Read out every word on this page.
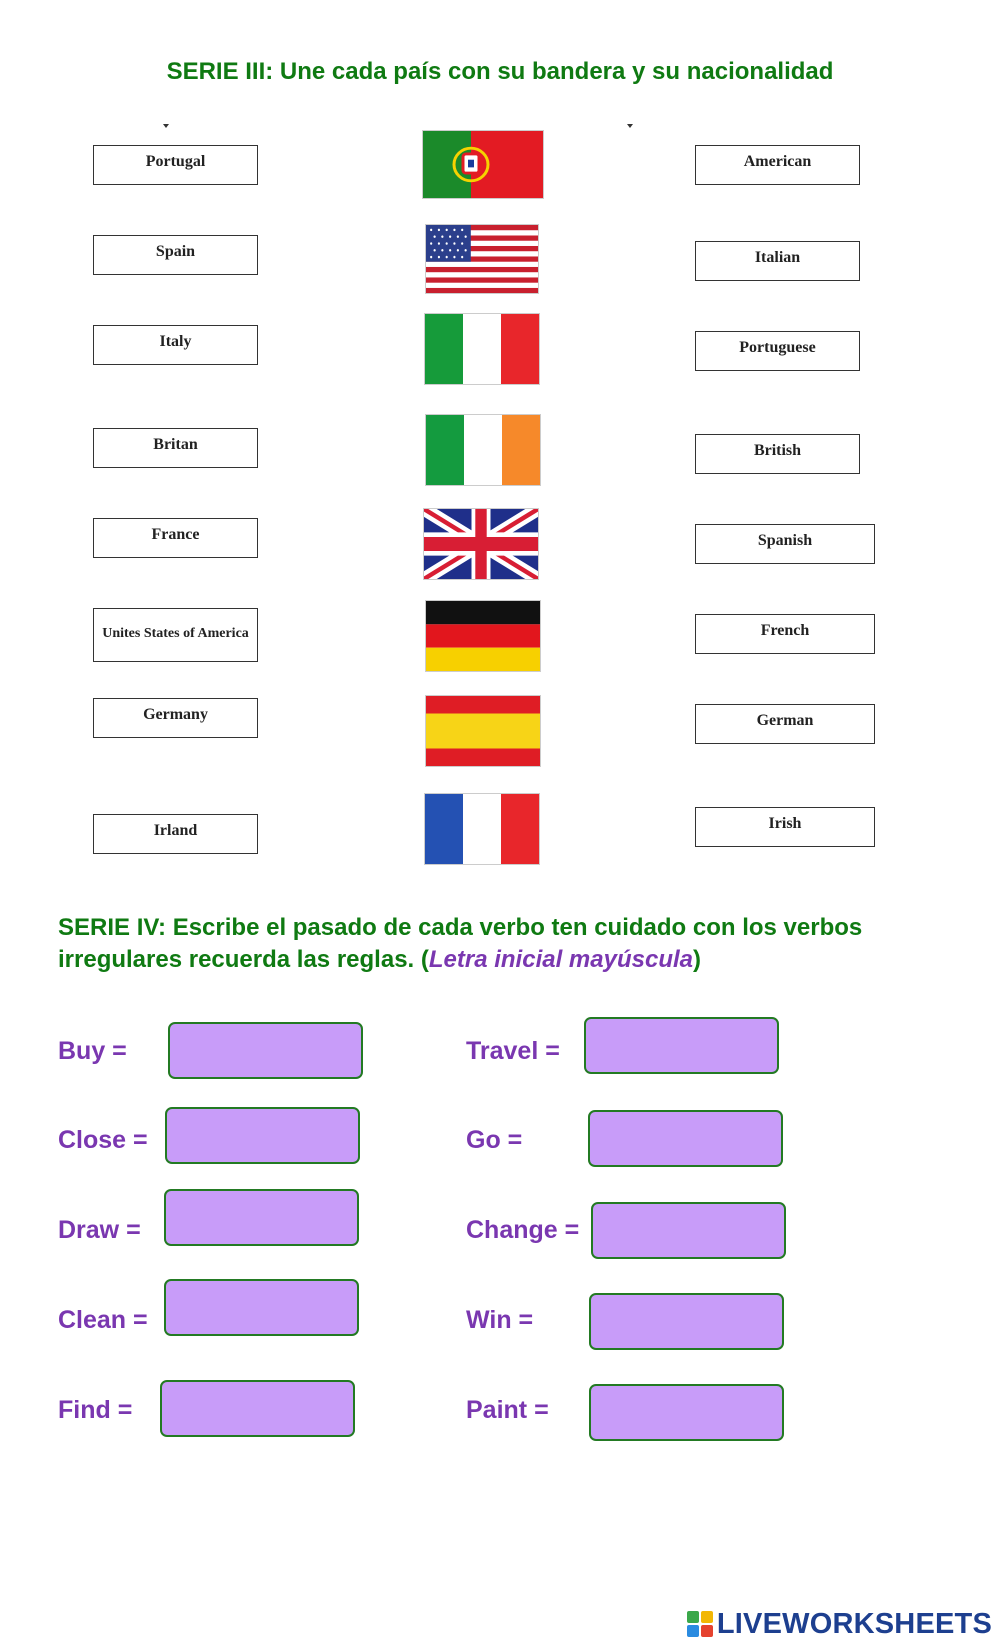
SERIE III: Une cada país con su bandera y su nacionalidad
Portugal
Spain
Italy
Britan
France
Unites States of America
Germany
Irland
American
Italian
Portuguese
British
Spanish
French
German
Irish

SERIE IV: Escribe el pasado de cada verbo ten cuidado con los verbos irregulares recuerda las reglas. (Letra inicial mayúscula)

Buy =
Close =
Draw =
Clean =
Find =
Travel =
Go =
Change =
Win =
Paint =
LIVEWORKSHEETS
